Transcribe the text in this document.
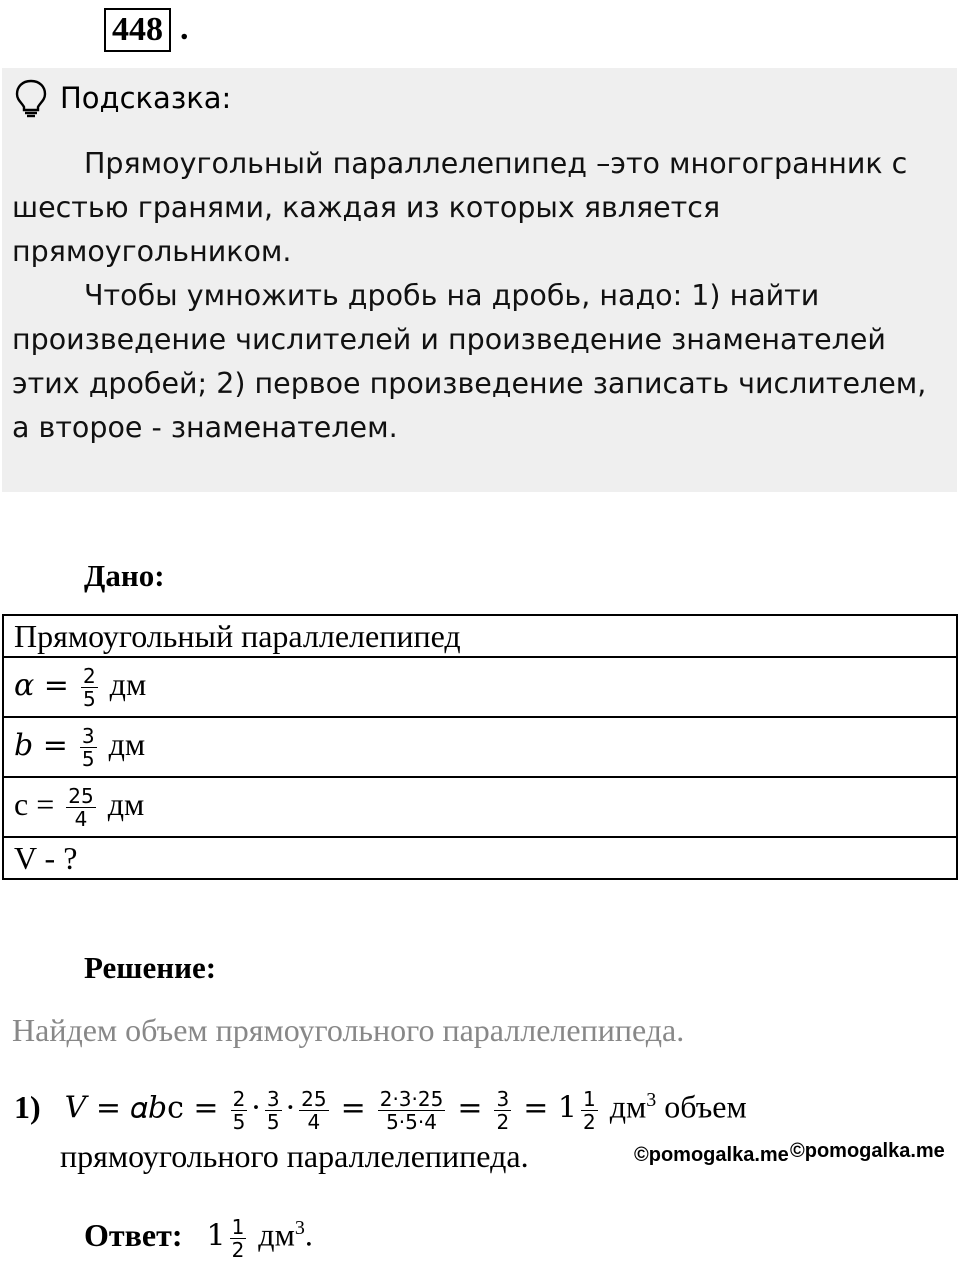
448 .
Подсказка:

Прямоугольный параллелепипед –это многогранник с шестью гранями, каждая из которых является прямоугольником.

Чтобы умножить дробь на дробь, надо: 1) найти произведение числителей и произведение знаменателей этих дробей; 2) первое произведение записать числителем, а второе - знаменателем.

Дано:
Прямоугольный параллелепипед
𝛼 = $\frac{2}{5}$ дм
𝑏 = $\frac{3}{5}$ дм
$c = \frac{25}{4}$ дм
V - ?
Решение:
Найдем объем прямоугольного параллелепипеда.
1) 𝑉 = 𝛼𝑏c = $\frac{2}{5} \cdot \frac{3}{5} \cdot \frac{25}{4} = \frac{2\cdot 3\cdot 25}{5\cdot 5\cdot 4} = \frac{3}{2} = 1 \frac{1}{2} дм^3$ объем
прямоугольного параллелепипеда.	©pomogalka.me ©pomogalka.me
Ответ: $1 \frac{1}{2} дм^3$.
